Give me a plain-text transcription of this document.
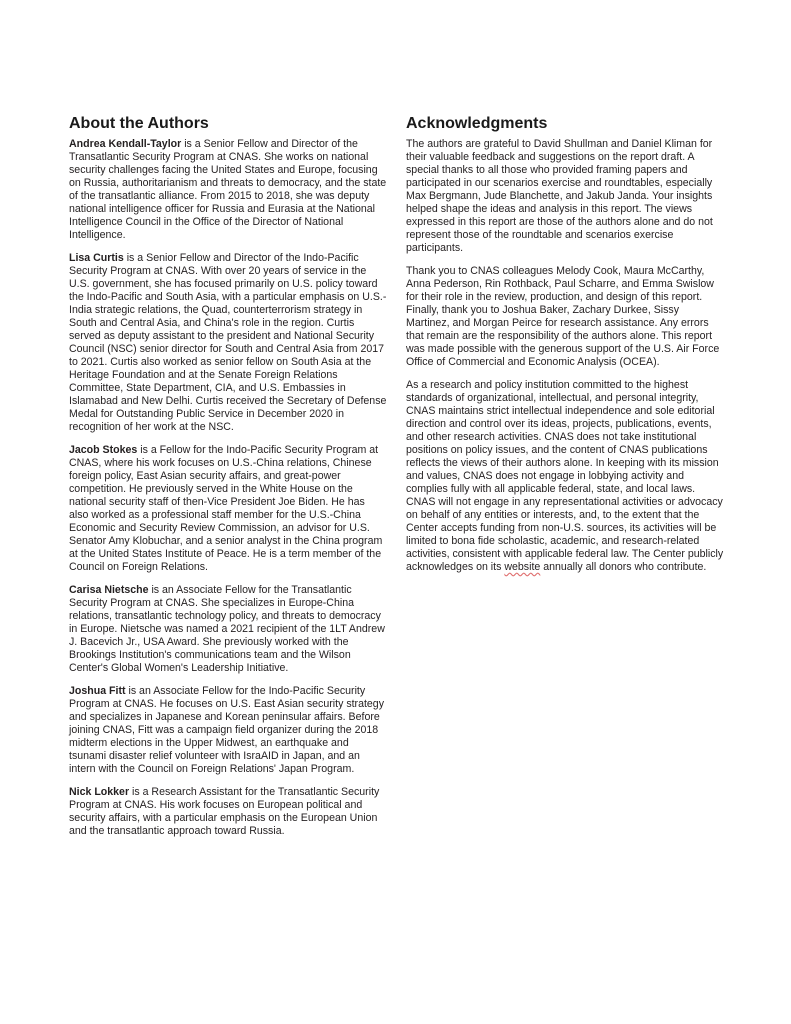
About the Authors

Andrea Kendall-Taylor is a Senior Fellow and Director of the Transatlantic Security Program at CNAS. She works on national security challenges facing the United States and Europe, focusing on Russia, authoritarianism and threats to democracy, and the state of the transatlantic alliance. From 2015 to 2018, she was deputy national intelligence officer for Russia and Eurasia at the National Intelligence Council in the Office of the Director of National Intelligence.

Lisa Curtis is a Senior Fellow and Director of the Indo-Pacific Security Program at CNAS. With over 20 years of service in the U.S. government, she has focused primarily on U.S. policy toward the Indo-Pacific and South Asia, with a particular emphasis on U.S.-India strategic relations, the Quad, counterterrorism strategy in South and Central Asia, and China's role in the region. Curtis served as deputy assistant to the president and National Security Council (NSC) senior director for South and Central Asia from 2017 to 2021. Curtis also worked as senior fellow on South Asia at the Heritage Foundation and at the Senate Foreign Relations Committee, State Department, CIA, and U.S. Embassies in Islamabad and New Delhi. Curtis received the Secretary of Defense Medal for Outstanding Public Service in December 2020 in recognition of her work at the NSC.

Jacob Stokes is a Fellow for the Indo-Pacific Security Program at CNAS, where his work focuses on U.S.-China relations, Chinese foreign policy, East Asian security affairs, and great-power competition. He previously served in the White House on the national security staff of then-Vice President Joe Biden. He has also worked as a professional staff member for the U.S.-China Economic and Security Review Commission, an advisor for U.S. Senator Amy Klobuchar, and a senior analyst in the China program at the United States Institute of Peace. He is a term member of the Council on Foreign Relations.

Carisa Nietsche is an Associate Fellow for the Transatlantic Security Program at CNAS. She specializes in Europe-China relations, transatlantic technology policy, and threats to democracy in Europe. Nietsche was named a 2021 recipient of the 1LT Andrew J. Bacevich Jr., USA Award. She previously worked with the Brookings Institution's communications team and the Wilson Center's Global Women's Leadership Initiative.

Joshua Fitt is an Associate Fellow for the Indo-Pacific Security Program at CNAS. He focuses on U.S. East Asian security strategy and specializes in Japanese and Korean peninsular affairs. Before joining CNAS, Fitt was a campaign field organizer during the 2018 midterm elections in the Upper Midwest, an earthquake and tsunami disaster relief volunteer with IsraAID in Japan, and an intern with the Council on Foreign Relations' Japan Program.

Nick Lokker is a Research Assistant for the Transatlantic Security Program at CNAS. His work focuses on European political and security affairs, with a particular emphasis on the European Union and the transatlantic approach toward Russia.

Acknowledgments

The authors are grateful to David Shullman and Daniel Kliman for their valuable feedback and suggestions on the report draft. A special thanks to all those who provided framing papers and participated in our scenarios exercise and roundtables, especially Max Bergmann, Jude Blanchette, and Jakub Janda. Your insights helped shape the ideas and analysis in this report. The views expressed in this report are those of the authors alone and do not represent those of the roundtable and scenarios exercise participants.

Thank you to CNAS colleagues Melody Cook, Maura McCarthy, Anna Pederson, Rin Rothback, Paul Scharre, and Emma Swislow for their role in the review, production, and design of this report. Finally, thank you to Joshua Baker, Zachary Durkee, Sissy Martinez, and Morgan Peirce for research assistance. Any errors that remain are the responsibility of the authors alone. This report was made possible with the generous support of the U.S. Air Force Office of Commercial and Economic Analysis (OCEA).

As a research and policy institution committed to the highest standards of organizational, intellectual, and personal integrity, CNAS maintains strict intellectual independence and sole editorial direction and control over its ideas, projects, publications, events, and other research activities. CNAS does not take institutional positions on policy issues, and the content of CNAS publications reflects the views of their authors alone. In keeping with its mission and values, CNAS does not engage in lobbying activity and complies fully with all applicable federal, state, and local laws. CNAS will not engage in any representational activities or advocacy on behalf of any entities or interests, and, to the extent that the Center accepts funding from non-U.S. sources, its activities will be limited to bona fide scholastic, academic, and research-related activities, consistent with applicable federal law. The Center publicly acknowledges on its website annually all donors who contribute.
